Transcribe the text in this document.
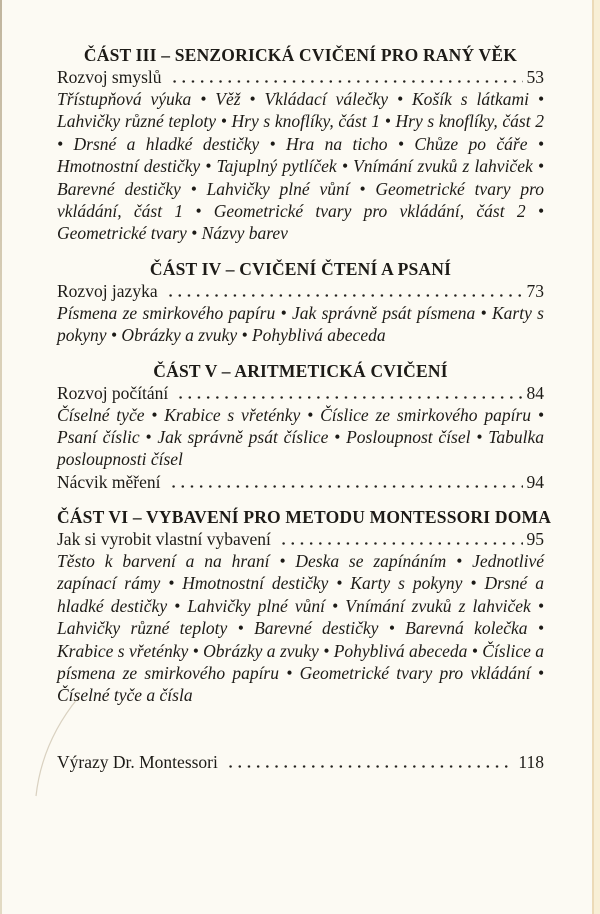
ČÁST III – SENZORICKÁ CVIČENÍ PRO RANÝ VĚK
Rozvoj smyslů	53

Třístupňová výuka • Věž • Vkládací válečky • Košík s látkami • Lahvičky různé teploty • Hry s knoflíky, část 1 • Hry s knoflíky, část 2 • Drsné a hladké destičky • Hra na ticho • Chůze po čáře • Hmotnostní destičky • Tajuplný pytlíček • Vnímání zvuků z lahviček • Barevné destičky • Lahvičky plné vůní • Geometrické tvary pro vkládání, část 1 • Geometrické tvary pro vkládání, část 2 • Geometrické tvary • Názvy barev

ČÁST IV – CVIČENÍ ČTENÍ A PSANÍ
Rozvoj jazyka	73

Písmena ze smirkového papíru • Jak správně psát písmena • Karty s pokyny • Obrázky a zvuky • Pohyblivá abeceda

ČÁST V – ARITMETICKÁ CVIČENÍ
Rozvoj počítání	84

Číselné tyče • Krabice s vřeténky • Číslice ze smirkového papíru • Psaní číslic • Jak správně psát číslice • Posloupnost čísel • Tabulka posloupnosti čísel

Nácvik měření	94
ČÁST VI – VYBAVENÍ PRO METODU MONTESSORI DOMA
Jak si vyrobit vlastní vybavení	95

Těsto k barvení a na hraní • Deska se zapínáním • Jednotlivé zapínací rámy • Hmotnostní destičky • Karty s pokyny • Drsné a hladké destičky • Lahvičky plné vůní • Vnímání zvuků z lahviček • Lahvičky různé teploty • Barevné destičky • Barevná kolečka • Krabice s vřeténky • Obrázky a zvuky • Pohyblivá abeceda • Číslice a písmena ze smirkového papíru • Geometrické tvary pro vkládání • Číselné tyče a čísla

Výrazy Dr. Montessori	118
